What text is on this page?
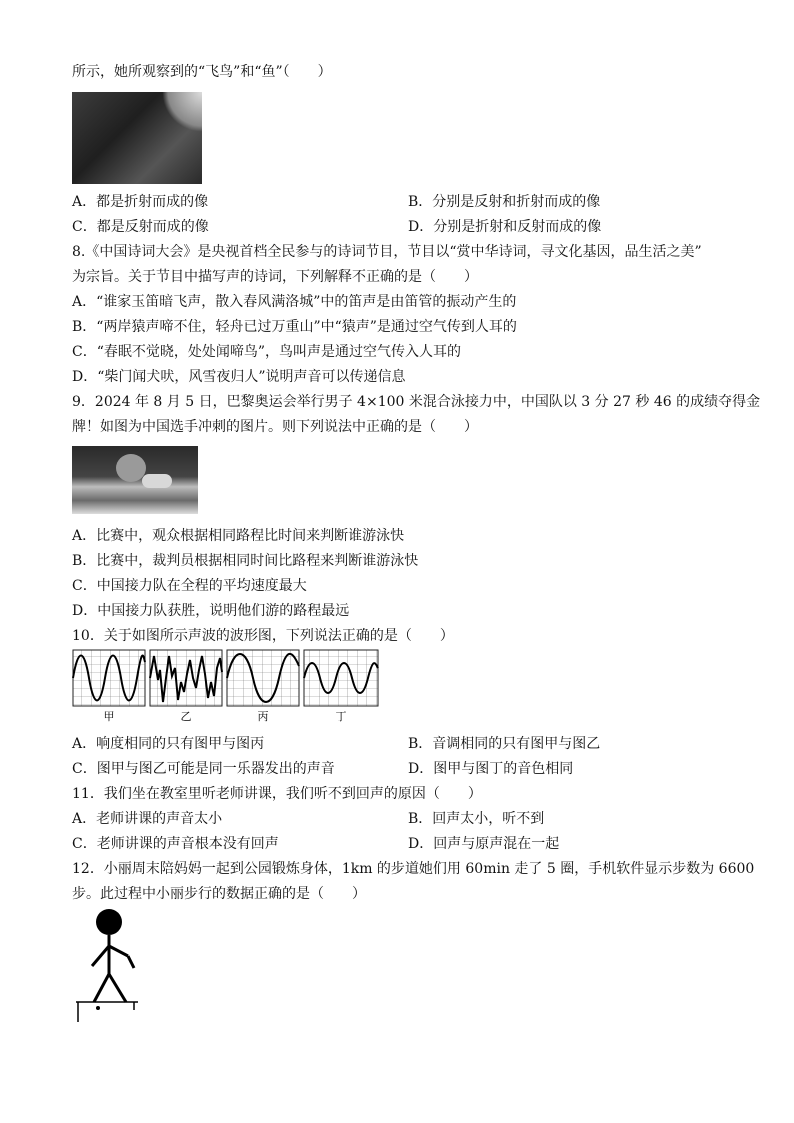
所示，她所观察到的“飞鸟”和“鱼”（　　）
A．都是折射而成的像	B．分别是反射和折射而成的像
C．都是反射而成的像	D．分别是折射和反射而成的像
8.《中国诗词大会》是央视首档全民参与的诗词节目，节目以“赏中华诗词，寻文化基因，品生活之美”
为宗旨。关于节目中描写声的诗词，下列解释不正确的是（　　）
A．“谁家玉笛暗飞声，散入春风满洛城”中的笛声是由笛管的振动产生的
B．“两岸猿声啼不住，轻舟已过万重山”中“猿声”是通过空气传到人耳的
C．“春眠不觉晓，处处闻啼鸟”，鸟叫声是通过空气传入人耳的
D．“柴门闻犬吠，风雪夜归人”说明声音可以传递信息
9．2024 年 8 月 5 日，巴黎奥运会举行男子 4×100 米混合泳接力中，中国队以 3 分 27 秒 46 的成绩夺得金
牌！如图为中国选手冲刺的图片。则下列说法中正确的是（　　）
A．比赛中，观众根据相同路程比时间来判断谁游泳快
B．比赛中，裁判员根据相同时间比路程来判断谁游泳快
C．中国接力队在全程的平均速度最大
D．中国接力队获胜，说明他们游的路程最远
10．关于如图所示声波的波形图，下列说法正确的是（　　）
甲	乙	丙	丁
A．响度相同的只有图甲与图丙	B．音调相同的只有图甲与图乙
C．图甲与图乙可能是同一乐器发出的声音	D．图甲与图丁的音色相同
11．我们坐在教室里听老师讲课，我们听不到回声的原因（　　）
A．老师讲课的声音太小	B．回声太小，听不到
C．老师讲课的声音根本没有回声	D．回声与原声混在一起
12．小丽周末陪妈妈一起到公园锻炼身体，1km 的步道她们用 60min 走了 5 圈，手机软件显示步数为 6600
步。此过程中小丽步行的数据正确的是（　　）
